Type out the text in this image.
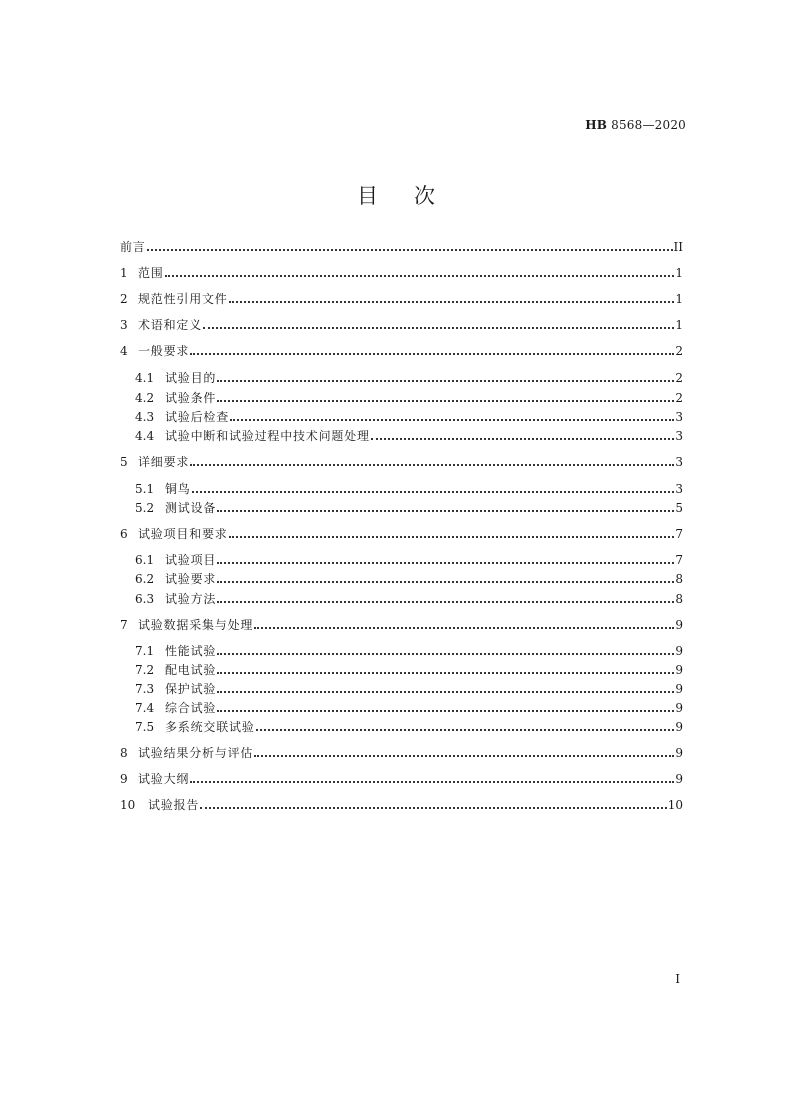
HB 8568—2020
目次
前言	II
1 范围	1
2 规范性引用文件	1
3 术语和定义	1
4 一般要求	2
4.1 试验目的	2
4.2 试验条件	2
4.3 试验后检查	3
4.4 试验中断和试验过程中技术问题处理	3
5 详细要求	3
5.1 铜鸟	3
5.2 测试设备	5
6 试验项目和要求	7
6.1 试验项目	7
6.2 试验要求	8
6.3 试验方法	8
7 试验数据采集与处理	9
7.1 性能试验	9
7.2 配电试验	9
7.3 保护试验	9
7.4 综合试验	9
7.5 多系统交联试验	9
8 试验结果分析与评估	9
9 试验大纲	9
10	试验报告	10
I
